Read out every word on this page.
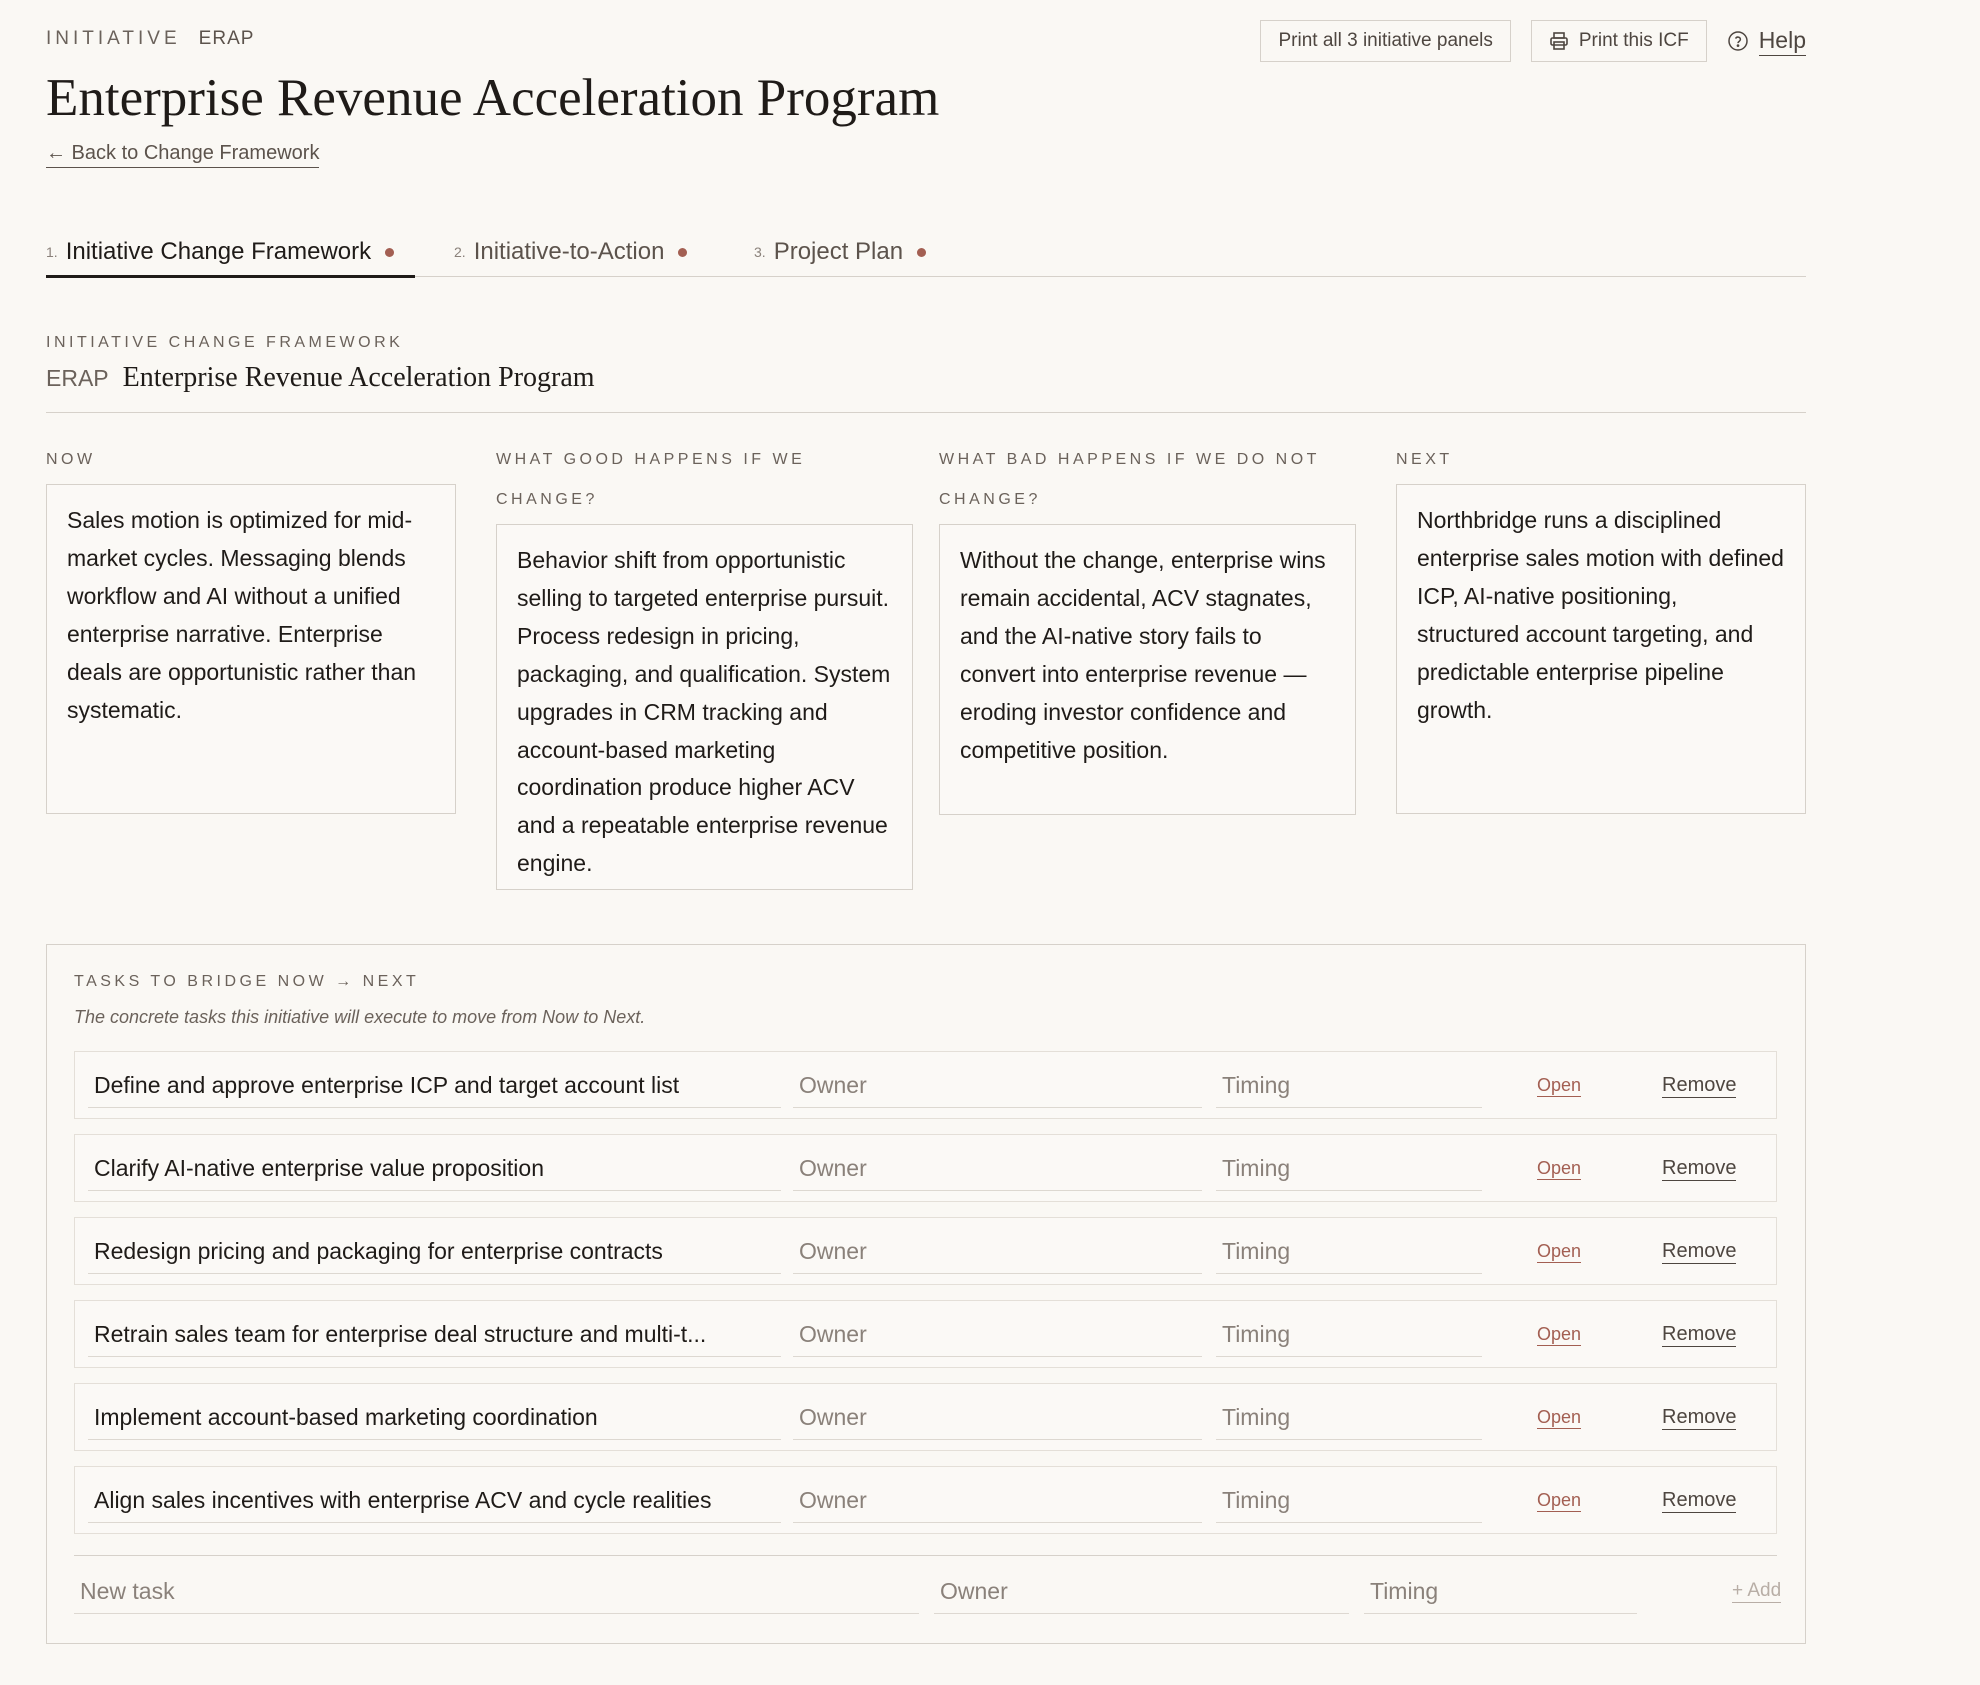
INITIATIVE ERAP
Enterprise Revenue Acceleration Program
← Back to Change Framework
Print all 3 initiative panels	Print this ICF	Help
1. Initiative Change Framework	2. Initiative-to-Action	3. Project Plan
INITIATIVE CHANGE FRAMEWORK
ERAP Enterprise Revenue Acceleration Program
NOW
Sales motion is optimized for mid-market cycles. Messaging blends workflow and AI without a unified enterprise narrative. Enterprise deals are opportunistic rather than systematic.
WHAT GOOD HAPPENS IF WE CHANGE?
Behavior shift from opportunistic selling to targeted enterprise pursuit. Process redesign in pricing, packaging, and qualification. System upgrades in CRM tracking and account-based marketing coordination produce higher ACV and a repeatable enterprise revenue engine.
WHAT BAD HAPPENS IF WE DO NOT CHANGE?
Without the change, enterprise wins remain accidental, ACV stagnates, and the AI-native story fails to convert into enterprise revenue — eroding investor confidence and competitive position.
NEXT
Northbridge runs a disciplined enterprise sales motion with defined ICP, AI-native positioning, structured account targeting, and predictable enterprise pipeline growth.
TASKS TO BRIDGE NOW → NEXT
The concrete tasks this initiative will execute to move from Now to Next.
Define and approve enterprise ICP and target account list	Owner	Timing	Open	Remove
Clarify AI-native enterprise value proposition	Owner	Timing	Open	Remove
Redesign pricing and packaging for enterprise contracts	Owner	Timing	Open	Remove
Retrain sales team for enterprise deal structure and multi-t...	Owner	Timing	Open	Remove
Implement account-based marketing coordination	Owner	Timing	Open	Remove
Align sales incentives with enterprise ACV and cycle realities	Owner	Timing	Open	Remove
New task	Owner	Timing	+ Add
